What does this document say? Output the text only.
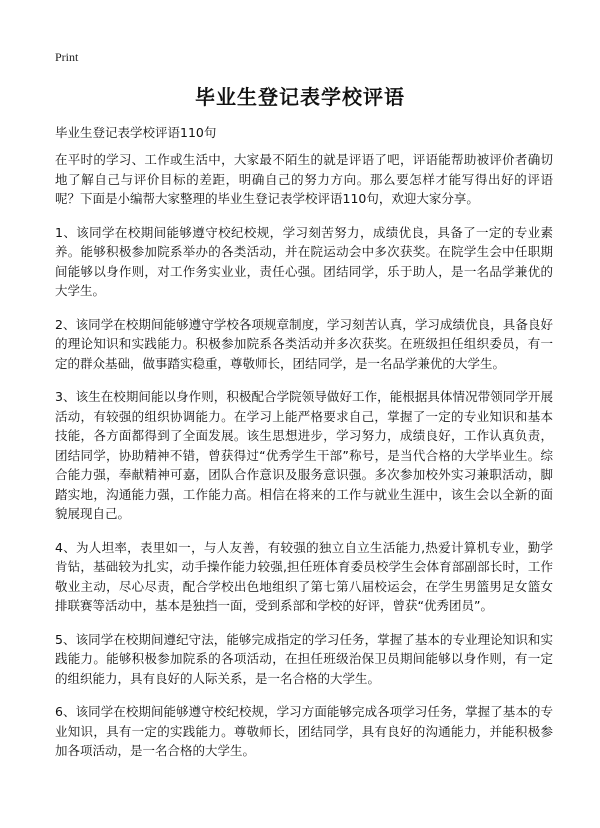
Print
毕业生登记表学校评语

毕业生登记表学校评语110句

在平时的学习、工作或生活中，大家最不陌生的就是评语了吧，评语能帮助被评价者确切地了解自己与评价目标的差距，明确自己的努力方向。那么要怎样才能写得出好的评语呢？下面是小编帮大家整理的毕业生登记表学校评语110句，欢迎大家分享。

1、该同学在校期间能够遵守校纪校规，学习刻苦努力，成绩优良，具备了一定的专业素养。能够积极参加院系举办的各类活动，并在院运动会中多次获奖。在院学生会中任职期间能够以身作则，对工作务实业业，责任心强。团结同学，乐于助人，是一名品学兼优的大学生。

2、该同学在校期间能够遵守学校各项规章制度，学习刻苦认真，学习成绩优良，具备良好的理论知识和实践能力。积极参加院系各类活动并多次获奖。在班级担任组织委员，有一定的群众基础，做事踏实稳重，尊敬师长，团结同学，是一名品学兼优的大学生。

3、该生在校期间能以身作则，积极配合学院领导做好工作，能根据具体情况带领同学开展活动，有较强的组织协调能力。在学习上能严格要求自己，掌握了一定的专业知识和基本技能，各方面都得到了全面发展。该生思想进步，学习努力，成绩良好，工作认真负责，团结同学，协助精神不错，曾获得过“优秀学生干部”称号，是当代合格的大学毕业生。综合能力强，奉献精神可嘉，团队合作意识及服务意识强。多次参加校外实习兼职活动，脚踏实地，沟通能力强，工作能力高。相信在将来的工作与就业生涯中，该生会以全新的面貌展现自己。

4、为人坦率，表里如一，与人友善，有较强的独立自立生活能力,热爱计算机专业，勤学肯钻，基础较为扎实，动手操作能力较强,担任班体育委员校学生会体育部副部长时，工作敬业主动，尽心尽责，配合学校出色地组织了第七第八届校运会，在学生男篮男足女篮女排联赛等活动中，基本是独挡一面，受到系部和学校的好评，曾获“优秀团员”。

5、该同学在校期间遵纪守法，能够完成指定的学习任务，掌握了基本的专业理论知识和实践能力。能够积极参加院系的各项活动，在担任班级治保卫员期间能够以身作则，有一定的组织能力，具有良好的人际关系，是一名合格的大学生。

6、该同学在校期间能够遵守校纪校规，学习方面能够完成各项学习任务，掌握了基本的专业知识，具有一定的实践能力。尊敬师长，团结同学，具有良好的沟通能力，并能积极参加各项活动，是一名合格的大学生。
